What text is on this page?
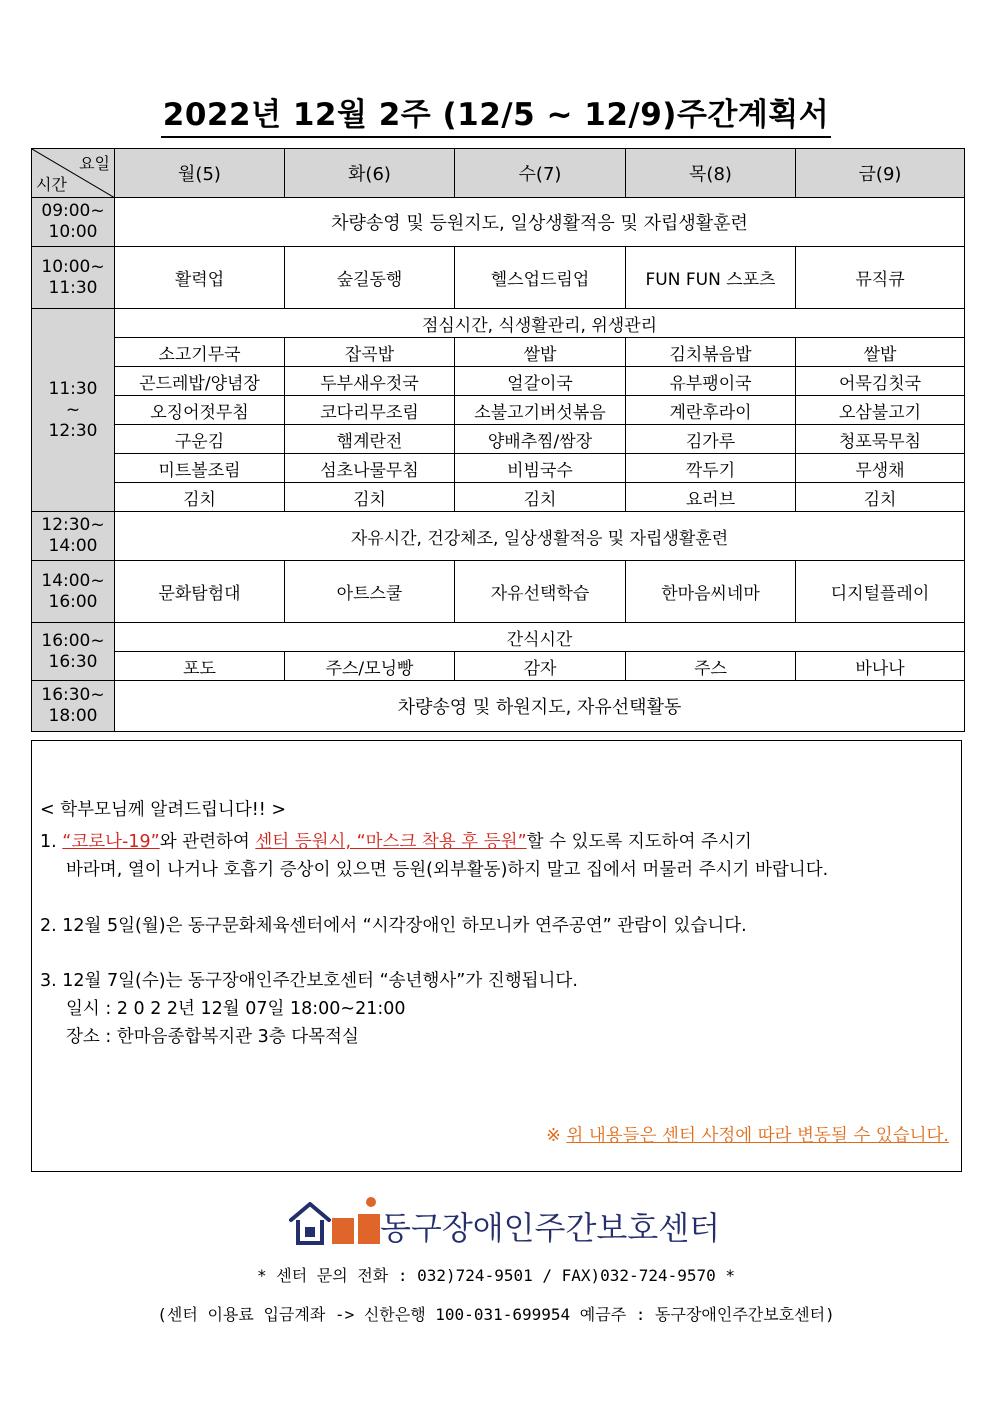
2022년 12월 2주 (12/5 ~ 12/9)주간계획서
요일
시간	월(5)	화(6)	수(7)	목(8)	금(9)

09:00~
10:00	차량송영 및 등원지도, 일상생활적응 및 자립생활훈련				

10:00~
11:30	활력업	숲길동행	헬스업드림업	FUN FUN 스포츠	뮤직큐

11:30
~
12:30	점심시간, 식생활관리, 위생관리				
	소고기무국	잡곡밥	쌀밥	김치볶음밥	쌀밥
	곤드레밥/양념장	두부새우젓국	얼갈이국	유부팽이국	어묵김칫국
	오징어젓무침	코다리무조림	소불고기버섯볶음	계란후라이	오삼불고기
	구운김	햄계란전	양배추찜/쌈장	김가루	청포묵무침
	미트볼조림	섬초나물무침	비빔국수	깍두기	무생채
	김치	김치	김치	요러브	김치

12:30~
14:00	자유시간, 건강체조, 일상생활적응 및 자립생활훈련				

14:00~
16:00	문화탐험대	아트스쿨	자유선택학습	한마음씨네마	디지털플레이

16:00~
16:30	간식시간				
	포도	주스/모닝빵	감자	주스	바나나

16:30~
18:00	차량송영 및 하원지도, 자유선택활동				
< 학부모님께 알려드립니다!! >
1. “코로나-19”와 관련하여 센터 등원시, “마스크 착용 후 등원”할 수 있도록 지도하여 주시기
바라며, 열이 나거나 호흡기 증상이 있으면 등원(외부활동)하지 말고 집에서 머물러 주시기 바랍니다.
2. 12월 5일(월)은 동구문화체육센터에서 “시각장애인 하모니카 연주공연” 관람이 있습니다.
3. 12월 7일(수)는 동구장애인주간보호센터 “송년행사”가 진행됩니다.
일시 : 2 0 2 2년 12월 07일 18:00~21:00
장소 : 한마음종합복지관 3층 다목적실
※ 위 내용들은 센터 사정에 따라 변동될 수 있습니다.
동구장애인주간보호센터
* 센터 문의 전화 : 032)724-9501 / FAX)032-724-9570 *
(센터 이용료 입금계좌 -> 신한은행 100-031-699954 예금주 : 동구장애인주간보호센터)
